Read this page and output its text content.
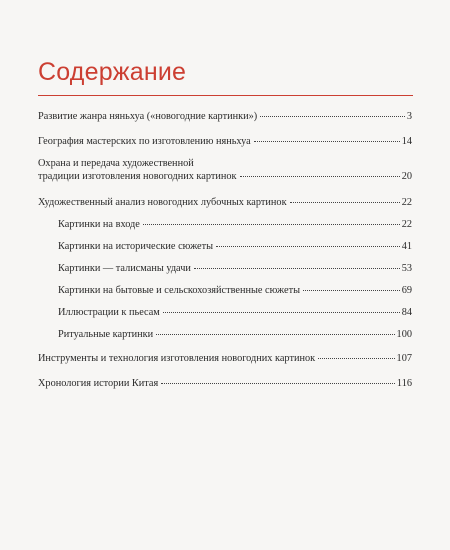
Содержание
Развитие жанра няньхуа («новогодние картинки»)	3
География мастерских по изготовлению няньхуа	14
Охрана и передача художественной
традиции изготовления новогодних картинок	20
Художественный анализ новогодних лубочных картинок	22
Картинки на входе	22
Картинки на исторические сюжеты	41
Картинки — талисманы удачи	53
Картинки на бытовые и сельскохозяйственные сюжеты	69
Иллюстрации к пьесам	84
Ритуальные картинки	100
Инструменты и технология изготовления новогодних картинок	107
Хронология истории Китая	116
